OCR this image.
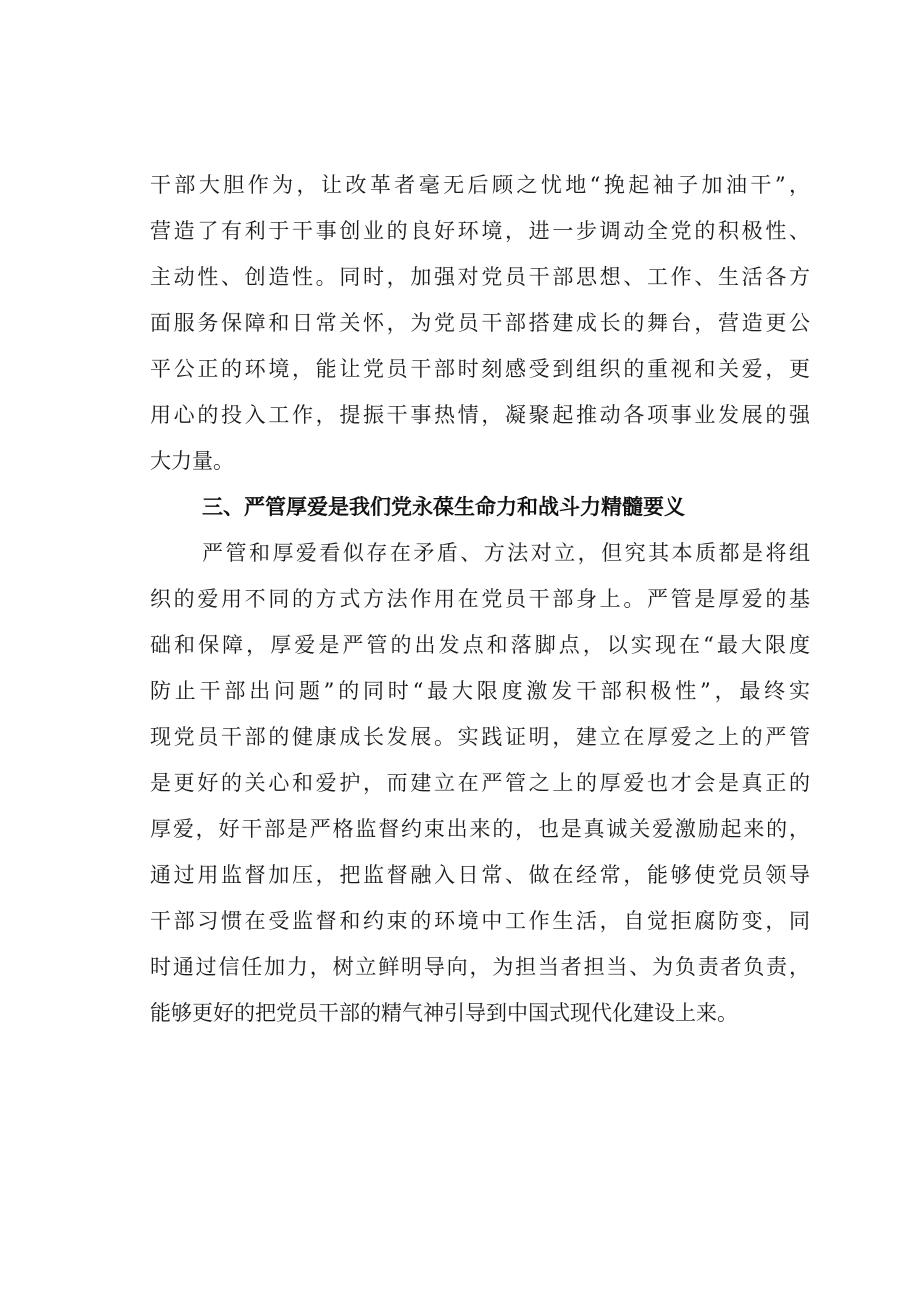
干部大胆作为，让改革者毫无后顾之忧地“挽起袖子加油干”，
营造了有利于干事创业的良好环境，进一步调动全党的积极性、
主动性、创造性。同时，加强对党员干部思想、工作、生活各方
面服务保障和日常关怀，为党员干部搭建成长的舞台，营造更公
平公正的环境，能让党员干部时刻感受到组织的重视和关爱，更
用心的投入工作，提振干事热情，凝聚起推动各项事业发展的强
大力量。
三、严管厚爱是我们党永葆生命力和战斗力精髓要义
严管和厚爱看似存在矛盾、方法对立，但究其本质都是将组
织的爱用不同的方式方法作用在党员干部身上。严管是厚爱的基
础和保障，厚爱是严管的出发点和落脚点，以实现在“最大限度
防止干部出问题”的同时“最大限度激发干部积极性”，最终实
现党员干部的健康成长发展。实践证明，建立在厚爱之上的严管
是更好的关心和爱护，而建立在严管之上的厚爱也才会是真正的
厚爱，好干部是严格监督约束出来的，也是真诚关爱激励起来的，
通过用监督加压，把监督融入日常、做在经常，能够使党员领导
干部习惯在受监督和约束的环境中工作生活，自觉拒腐防变，同
时通过信任加力，树立鲜明导向，为担当者担当、为负责者负责，
能够更好的把党员干部的精气神引导到中国式现代化建设上来。
